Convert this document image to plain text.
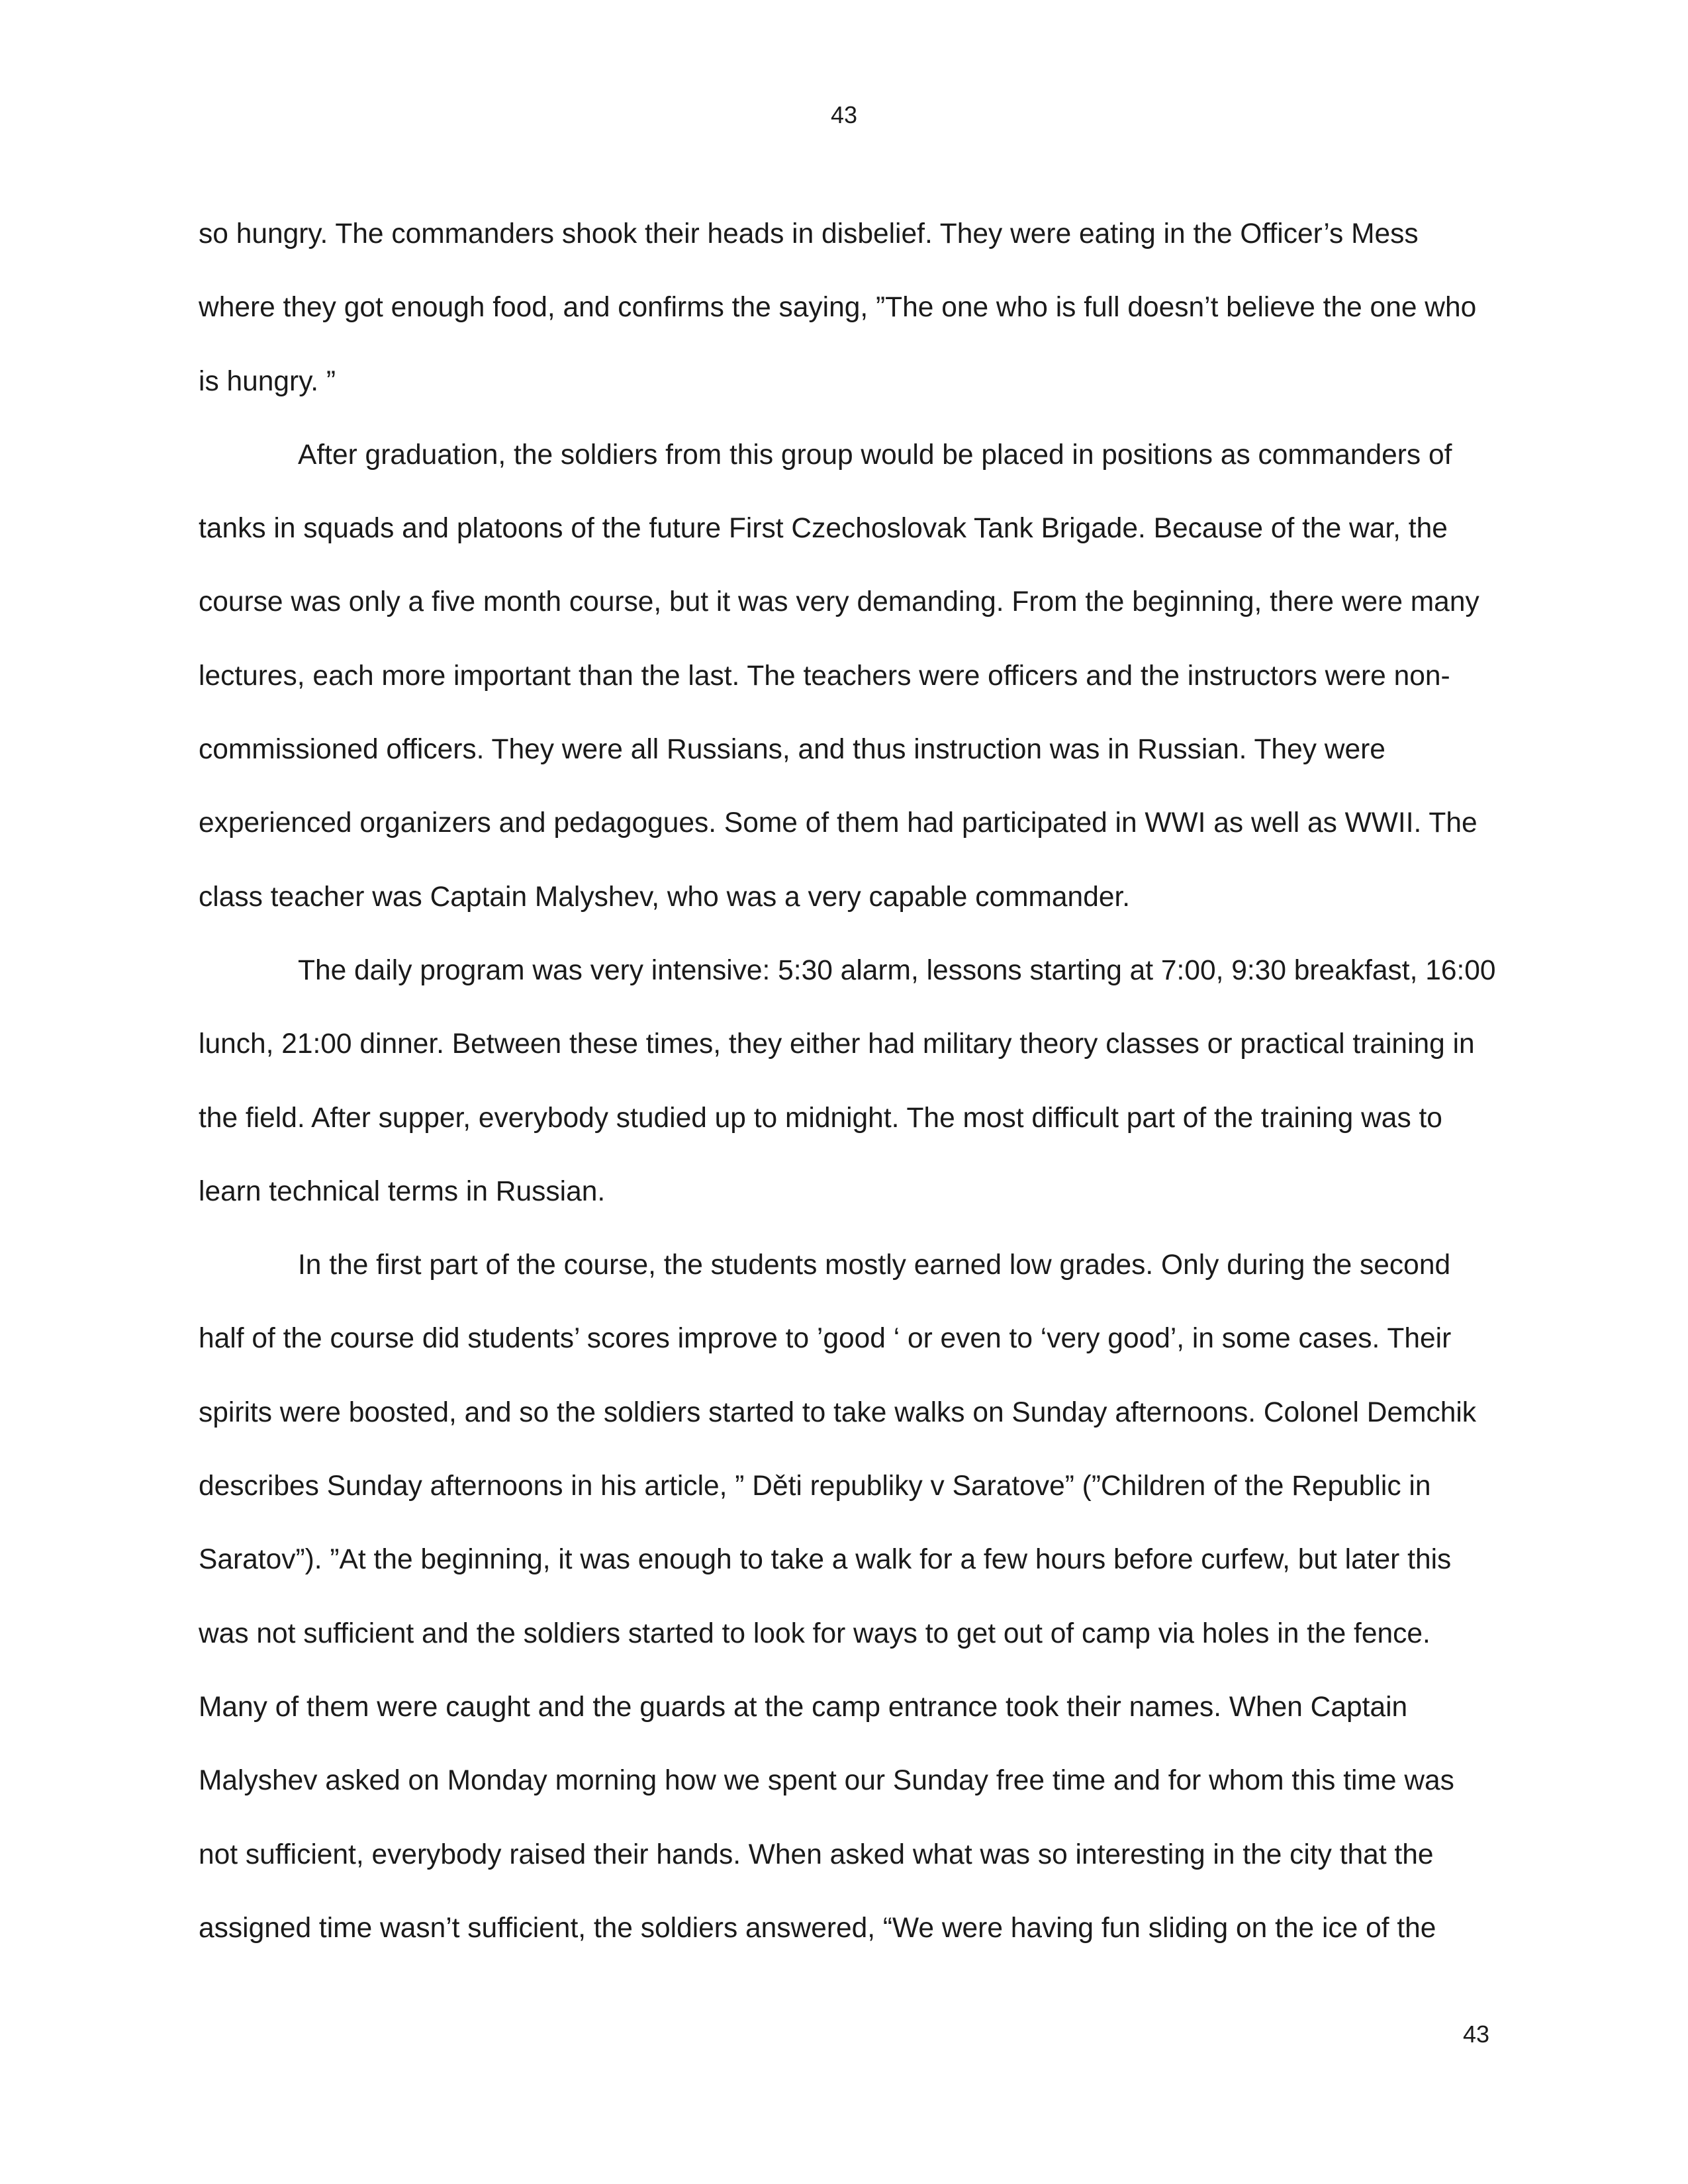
43

so hungry. The commanders shook their heads in disbelief. They were eating in the Officer’s Mess where they got enough food, and confirms the saying, ”The one who is full doesn’t believe the one who is hungry. ”

After graduation, the soldiers from this group would be placed in positions as commanders of tanks in squads and platoons of the future First Czechoslovak Tank Brigade. Because of the war, the course was only a five month course, but it was very demanding. From the beginning, there were many lectures, each more important than the last. The teachers were officers and the instructors were non-commissioned officers. They were all Russians, and thus instruction was in Russian. They were experienced organizers and pedagogues. Some of them had participated in WWI as well as WWII. The class teacher was Captain Malyshev, who was a very capable commander.

The daily program was very intensive: 5:30 alarm, lessons starting at 7:00, 9:30 breakfast, 16:00 lunch, 21:00 dinner. Between these times, they either had military theory classes or practical training in the field. After supper, everybody studied up to midnight. The most difficult part of the training was to learn technical terms in Russian.

In the first part of the course, the students mostly earned low grades. Only during the second half of the course did students’ scores improve to ’good ‘ or even to ‘very good’, in some cases. Their spirits were boosted, and so the soldiers started to take walks on Sunday afternoons. Colonel Demchik describes Sunday afternoons in his article, ” Děti republiky v Saratove” (”Children of the Republic in Saratov”). ”At the beginning, it was enough to take a walk for a few hours before curfew, but later this was not sufficient and the soldiers started to look for ways to get out of camp via holes in the fence. Many of them were caught and the guards at the camp entrance took their names. When Captain Malyshev asked on Monday morning how we spent our Sunday free time and for whom this time was not sufficient, everybody raised their hands. When asked what was so interesting in the city that the assigned time wasn’t sufficient, the soldiers answered, “We were having fun sliding on the ice of the

43
